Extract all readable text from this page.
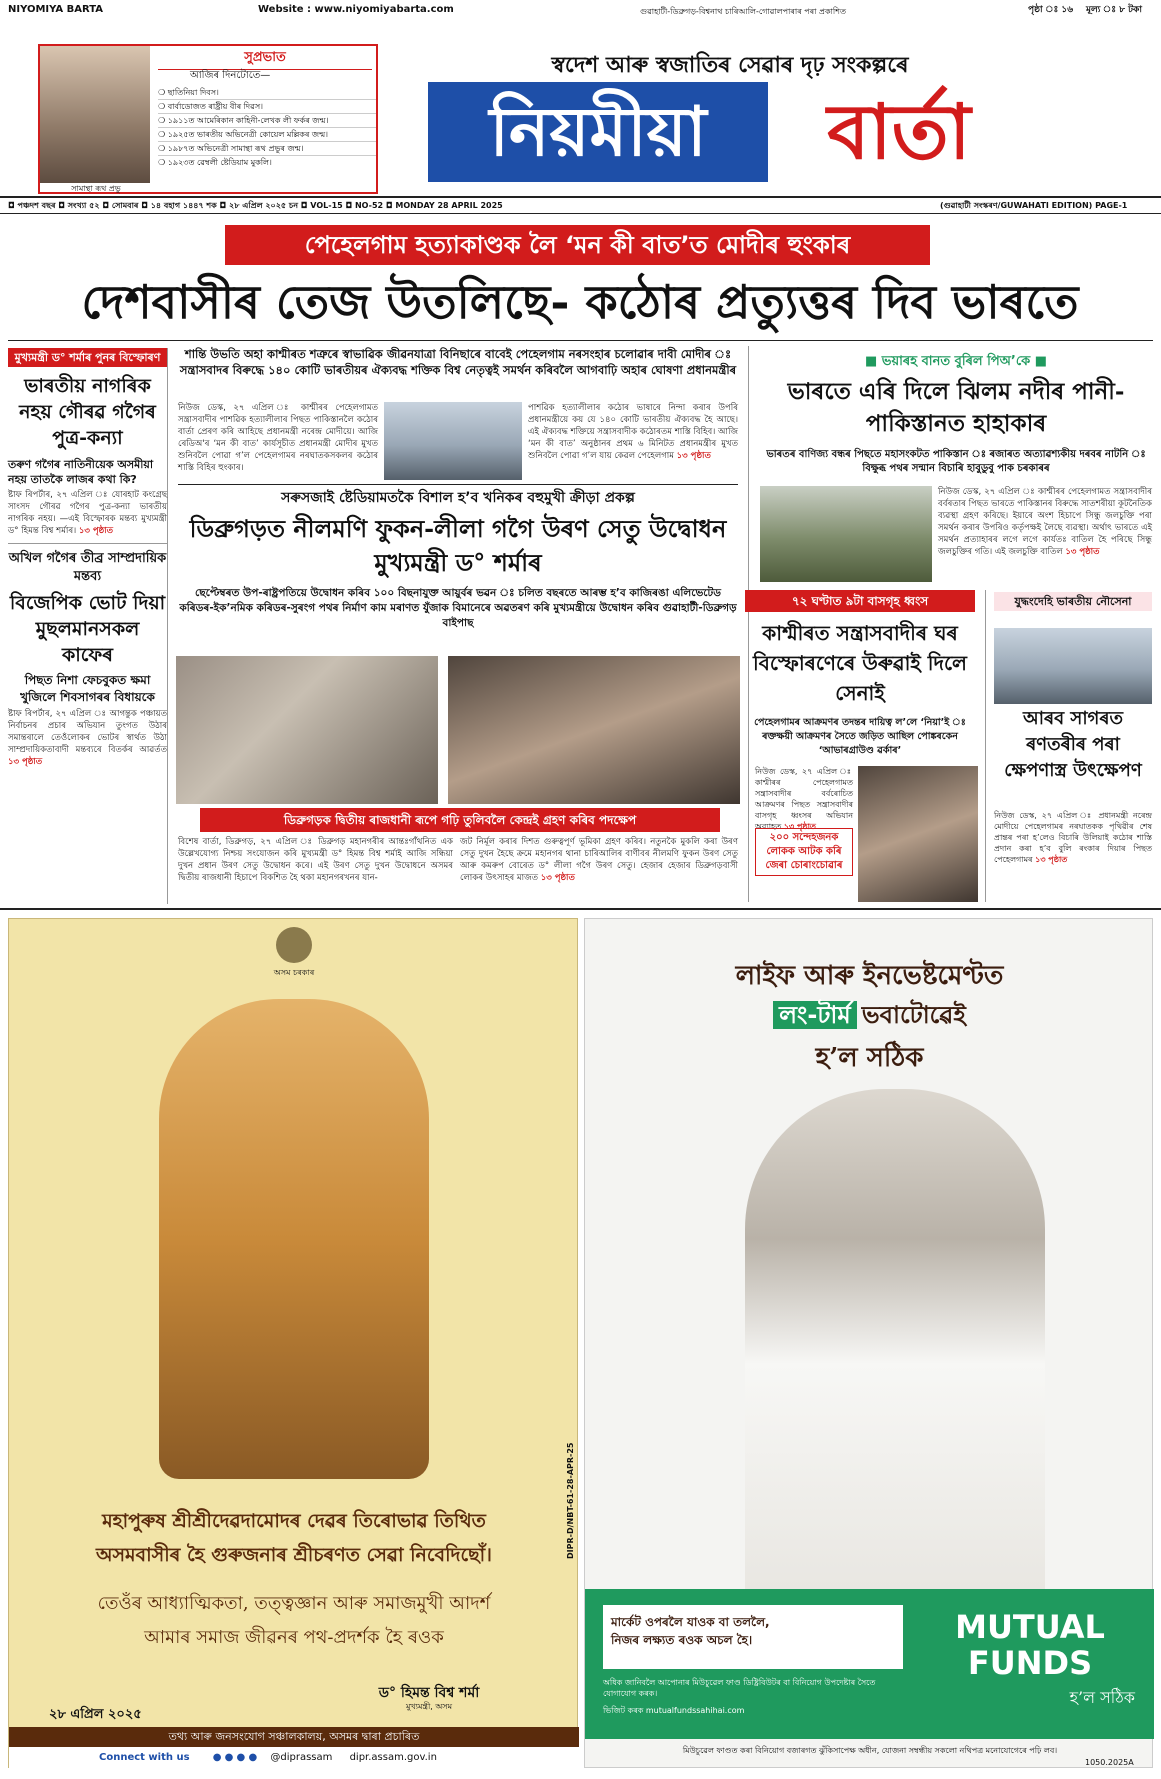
NIYOMIYA BARTA	Website : www.niyomiyabarta.com	গুৱাহাটী-ডিব্ৰুগড়-বিশ্বনাথ চাৰিআলি-গোৱালপাৰাৰ পৰা প্ৰকাশিত	পৃষ্ঠা ঃ ১৬ মূল্য ঃ ৮ টকা
সামান্থা ৰূথ প্ৰভু
সুপ্ৰভাত
আজিৰ দিনটোতে—
❍ ছাতিনিয়া দিবস।
❍ বাৰ্বাডোজত ৰাষ্ট্ৰীয় বীৰ দিৱস।
❍ ১৯১১ত আমেৰিকান কাহিনী-লেখক লী ফৰ্কৰ জন্ম।
❍ ১৯২৫ত ভাৰতীয় অভিনেত্ৰী কোয়েল মল্লিকৰ জন্ম।
❍ ১৯৮৭ত অভিনেত্ৰী সামান্থা ৰূথ প্ৰভুৰ জন্ম।
❍ ১৯২৩ত ৱেম্বলী ষ্টেডিয়াম মুকলি।
স্বদেশ আৰু স্বজাতিৰ সেৱাৰ দৃঢ় সংকল্পৰে
নিয়মীয়া	বাৰ্তা
◘ পঞ্চদশ বছৰ ◘ সংখ্যা ৫২ ◘ সোমবাৰ ◘ ১৪ বহাগ ১৪৪৭ শক ◘ ২৮ এপ্ৰিল ২০২৫ চন ◘ VOL-15 ◘ NO-52 ◘ MONDAY 28 APRIL 2025	(গুৱাহাটী সংস্কৰণ/GUWAHATI EDITION) PAGE-1
পেহেলগাম হত্যাকাণ্ডক লৈ ‘মন কী বাত’ত মোদীৰ হুংকাৰ
দেশবাসীৰ তেজ উতলিছে- কঠোৰ প্ৰত্যুত্তৰ দিব ভাৰতে
মুখ্যমন্ত্ৰী ড° শৰ্মাৰ পুনৰ বিস্ফোৰণ
ভাৰতীয় নাগৰিক নহয় গৌৰৱ গগৈৰ পুত্ৰ-কন্যা
তৰুণ গগৈৰ নাতিনীয়েক অসমীয়া নহয় তাতকৈ লাজৰ কথা কি?
ষ্টাফ ৰিপৰ্টাৰ, ২৭ এপ্ৰিল ঃ যোৰহাট কংগ্ৰেছ সাংসদ গৌৰৱ গগৈৰ পুত্ৰ-কন্যা ভাৰতীয় নাগৰিক নহয়। —এই বিস্ফোৰক মন্তব্য মুখ্যমন্ত্ৰী ড° হিমন্ত বিশ্ব শৰ্মাৰ। ১৩ পৃষ্ঠাত
অখিল গগৈৰ তীব্ৰ সাম্প্ৰদায়িক মন্তব্য
বিজেপিক ভোট দিয়া মুছলমানসকল কাফেৰ
পিছত নিশা ফেচবুকত ক্ষমা খুজিলে শিবসাগৰৰ বিধায়কে
ষ্টাফ ৰিপৰ্টাৰ, ২৭ এপ্ৰিল ঃ আগন্তুক পঞ্চায়ত নিৰ্বাচনৰ প্ৰচাৰ অভিযান তুংগত উঠাৰ সমান্তৰালে তেওঁলোকৰ ভোটৰ স্বাৰ্থত উঠা সাম্প্ৰদায়িকতাবাদী মন্তব্যৰে বিতৰ্কৰ আৱৰ্তত ১৩ পৃষ্ঠাত
শান্তি উভতি অহা কাশ্মীৰত শত্ৰুৰে স্বাভাৱিক জীৱনযাত্ৰা বিনিছাৰে বাবেই পেহেলগাম নৰসংহাৰ চলোৱাৰ দাবী মোদীৰ ঃ সন্ত্ৰাসবাদৰ বিৰুদ্ধে ১৪০ কোটি ভাৰতীয়ৰ ঐক্যবদ্ধ শক্তিক বিশ্ব নেতৃত্বই সমৰ্থন কৰিবলৈ আগবাঢ়ি অহাৰ ঘোষণা প্ৰধানমন্ত্ৰীৰ
নিউজ ডেস্ক, ২৭ এপ্ৰিল ঃ কাশ্মীৰৰ পেহেলগামত সন্ত্ৰাসবাদীৰ পাশৱিক হত্যালীলাৰ পিছত পাকিস্তানলৈ কঠোৰ বাৰ্তা প্ৰেৰণ কৰি আহিছে প্ৰধানমন্ত্ৰী নৰেন্দ্ৰ মোদীয়ে। আজি ৰেডিঅ'ৰ ‘মন কী বাত’ কাৰ্যসূচীত প্ৰধানমন্ত্ৰী মোদীৰ মুখত শুনিবলৈ পোৱা গ’ল পেহেলগামৰ নৰঘাতকসকলৰ কঠোৰ শাস্তি বিহিৰ হুংকাৰ।
পাশৱিক হত্যালীলাৰ কঠোৰ ভাষাৰে নিন্দা কৰাৰ উপৰি প্ৰধানমন্ত্ৰীয়ে কয় যে ১৪০ কোটি ভাৰতীয় ঐক্যবদ্ধ হৈ আছে। এই ঐক্যবদ্ধ শক্তিয়ে সন্ত্ৰাসবাদীক কঠোৰতম শাস্তি বিহিব। আজি ‘মন কী বাত’ অনুষ্ঠানৰ প্ৰথম ৬ মিনিটত প্ৰধানমন্ত্ৰীৰ মুখত শুনিবলৈ পোৱা গ’ল যায় কেৱল পেহেলগাম ১৩ পৃষ্ঠাত
সৰুসজাই ষ্টেডিয়ামতকৈ বিশাল হ’ব খনিকৰ বহুমুখী ক্ৰীড়া প্ৰকল্প
ডিব্ৰুগড়ত নীলমণি ফুকন-লীলা গগৈ উৰণ সেতু উদ্বোধন মুখ্যমন্ত্ৰী ড° শৰ্মাৰ
ছেপ্টেম্বৰত উপ-ৰাষ্ট্ৰপতিয়ে উদ্বোধন কৰিব ১০০ বিছনাযুক্ত আয়ুৰ্বৰ ভৱন ঃ চলিত বছৰতে আৰম্ভ হ’ব কাজিৰঙা এলিভেটেড কৰিডৰ-ইক’নমিক কৰিডৰ-সুৰংগ পথৰ নিৰ্মাণ কাম মৰাণত যুঁজাক বিমানেৰে অৱতৰণ কৰি মুখ্যমন্ত্ৰীয়ে উদ্বোধন কৰিব গুৱাহাটী-ডিব্ৰুগড় বাইপাছ
ডিব্ৰুগড়ক দ্বিতীয় ৰাজধানী ৰূপে গঢ়ি তুলিবলৈ কেন্দ্ৰই গ্ৰহণ কৰিব পদক্ষেপ
বিশেষ বাৰ্তা, ডিব্ৰুগড়, ২৭ এপ্ৰিল ঃ ডিব্ৰুগড় মহানগৰীৰ আন্তঃগাঁথনিত এক উল্লেখযোগ্য নিশ্চয় সংযোজন কৰি মুখ্যমন্ত্ৰী ড° হিমন্ত বিশ্ব শৰ্মাই আজি সন্ধিয়া দুখন প্ৰধান উৰণ সেতু উদ্বোধন কৰে। এই উৰণ সেতু দুখন উদ্বোধনে অসমৰ দ্বিতীয় ৰাজধানী হিচাপে বিকশিত হৈ থকা মহানগৰখনৰ যান-
জট নিৰ্মূল কৰাৰ দিশত গুৰুত্বপূৰ্ণ ভূমিকা গ্ৰহণ কৰিব। নতুনকৈ মুকলি কৰা উৰণ সেতু দুখন হৈছে ক্ৰমে মহানগৰ থানা চাৰিআলিৰ বাণীবৰ নীলমণি ফুকন উৰণ সেতু আৰু কমৰুপ বোৰেত ড° লীলা গগৈ উৰণ সেতু। হেজাৰ হেজাৰ ডিব্ৰুগড়বাসী লোকৰ উৎসাহৰ মাজত ১৩ পৃষ্ঠাত
■ ভয়াৰহ বানত বুৰিল পিঅ’কে ■
ভাৰতে এৰি দিলে ঝিলম নদীৰ পানী-পাকিস্তানত হাহাকাৰ
ভাৰতৰ বাণিজ্য বন্ধৰ পিছতে মহাসংকটত পাকিস্তান ঃ ৰজাৰত অত্যাৱশ্যকীয় দৰবৰ নাটনি ঃ বিক্ষুব্ধ পথৰ সন্মান বিচাৰি হাবুডুবু পাক চৰকাৰৰ
নিউজ ডেস্ক, ২৭ এপ্ৰিল ঃ কাশ্মীৰৰ পেহেলগামত সন্ত্ৰাসবাদীৰ বৰ্বৰতাৰ পিছত ভাৰতে পাকিস্তানৰ বিৰুদ্ধে সাতশৰীয়া কূটনৈতিক ব্যৱস্থা গ্ৰহণ কৰিছে। ইয়াৰে অংশ হিচাপে সিন্ধু জলচুক্তি পৰা সমৰ্থন কৰাৰ উপৰিও কৰ্তৃপক্ষই লৈছে ব্যৱস্থা। অৰ্থাৎ ভাৰতে এই সমৰ্থন প্ৰত্যাহাৰৰ লগে লগে কাৰ্যতঃ বাতিল হৈ পৰিছে সিন্ধু জলচুক্তিৰ গতি। এই জলচুক্তি বাতিল ১৩ পৃষ্ঠাত
৭২ ঘণ্টাত ৯টা বাসগৃহ ধ্বংস
কাশ্মীৰত সন্ত্ৰাসবাদীৰ ঘৰ বিস্ফোৰণেৰে উৰুৱাই দিলে সেনাই
পেহেলগামৰ আক্ৰমণৰ তদন্তৰ দায়িত্ব ল’লে ‘নিয়া’ই ঃ ৰক্তক্ষয়ী আক্ৰমণৰ সৈতে জড়িত আছিল পোঙ্কৰকেন ‘আভাৰগ্ৰাউণ্ড ৱৰ্কাৰ’
নিউজ ডেস্ক, ২৭ এপ্ৰিল ঃ কাশ্মীৰৰ পেহেলগামত সন্ত্ৰাসবাদীৰ বৰ্বৰোচিত আক্ৰমণৰ পিছত সন্ত্ৰাসবাদীৰ বাসগৃহ ধ্বংসৰ অভিযান অব্যাহত ১৩ পৃষ্ঠাত
২০০ সন্দেহজনক লোকক আটক কৰি জেৰা চোৰাংচোৱাৰ
যুদ্ধংদেহি ভাৰতীয় নৌসেনা
আৰব সাগৰত ৰণতৰীৰ পৰা ক্ষেপণাস্ত্ৰ উৎক্ষেপণ
নিউজ ডেস্ক, ২৭ এপ্ৰিল ঃ প্ৰধানমন্ত্ৰী নৰেন্দ্ৰ মোদীয়ে পেহেলগামৰ নৰঘাতকক পৃথিৱীৰ শেষ প্ৰান্তৰ পৰা হ’লেও বিচাৰি উলিয়াই কঠোৰ শাস্তি প্ৰদান কৰা হ’ব বুলি ৰংকাৰ দিয়াৰ পিছত পেহেলগামৰ ১৩ পৃষ্ঠাত
অসম চৰকাৰ
মহাপুৰুষ শ্ৰীশ্ৰীদেৱদামোদৰ দেৱৰ তিৰোভাৱ তিথিত
অসমবাসীৰ হৈ গুৰুজনাৰ শ্ৰীচৰণত সেৱা নিবেদিছোঁ।
তেওঁৰ আধ্যাত্মিকতা, তত্ত্বজ্ঞান আৰু সমাজমুখী আদৰ্শ
আমাৰ সমাজ জীৱনৰ পথ-প্ৰদৰ্শক হৈ ৰওক
ড° হিমন্ত বিশ্ব শৰ্মা
মুখ্যমন্ত্ৰী, অসম
২৮ এপ্ৰিল ২০২৫
DIPR-D/NBT-61-28-APR-25
তথ্য আৰু জনসংযোগ সঞ্চালকালয়, অসমৰ দ্বাৰা প্ৰচাৰিত
Connect with us ● ● ● ● @diprassam dipr.assam.gov.in
লাইফ আৰু ইনভেষ্টমেণ্টত
লং-টাৰ্ম ভবাটোৱেই
হ’ল সঠিক
মাৰ্কেট ওপৰলৈ যাওক বা তললৈ,
নিজৰ লক্ষ্যত ৰওক অচল হৈ।
অধিক জানিবলৈ আপোনাৰ মিউচুৱেল ফাণ্ড ডিষ্ট্ৰিবিউটৰ বা বিনিয়োগ উপদেষ্টাৰ সৈতে যোগাযোগ কৰক।
ভিজিট কৰক mutualfundssahihai.com
MUTUAL
FUNDS
হ’ল সঠিক
মিউচুৱেল ফাণ্ডত কৰা বিনিয়োগ বজাৰগত ঝুঁকিসাপেক্ষ অধীন, যোজনা সম্বন্ধীয় সকলো নথিপত্ৰ মনোযোগেৰে পঢ়ি লব।
1050.2025A
